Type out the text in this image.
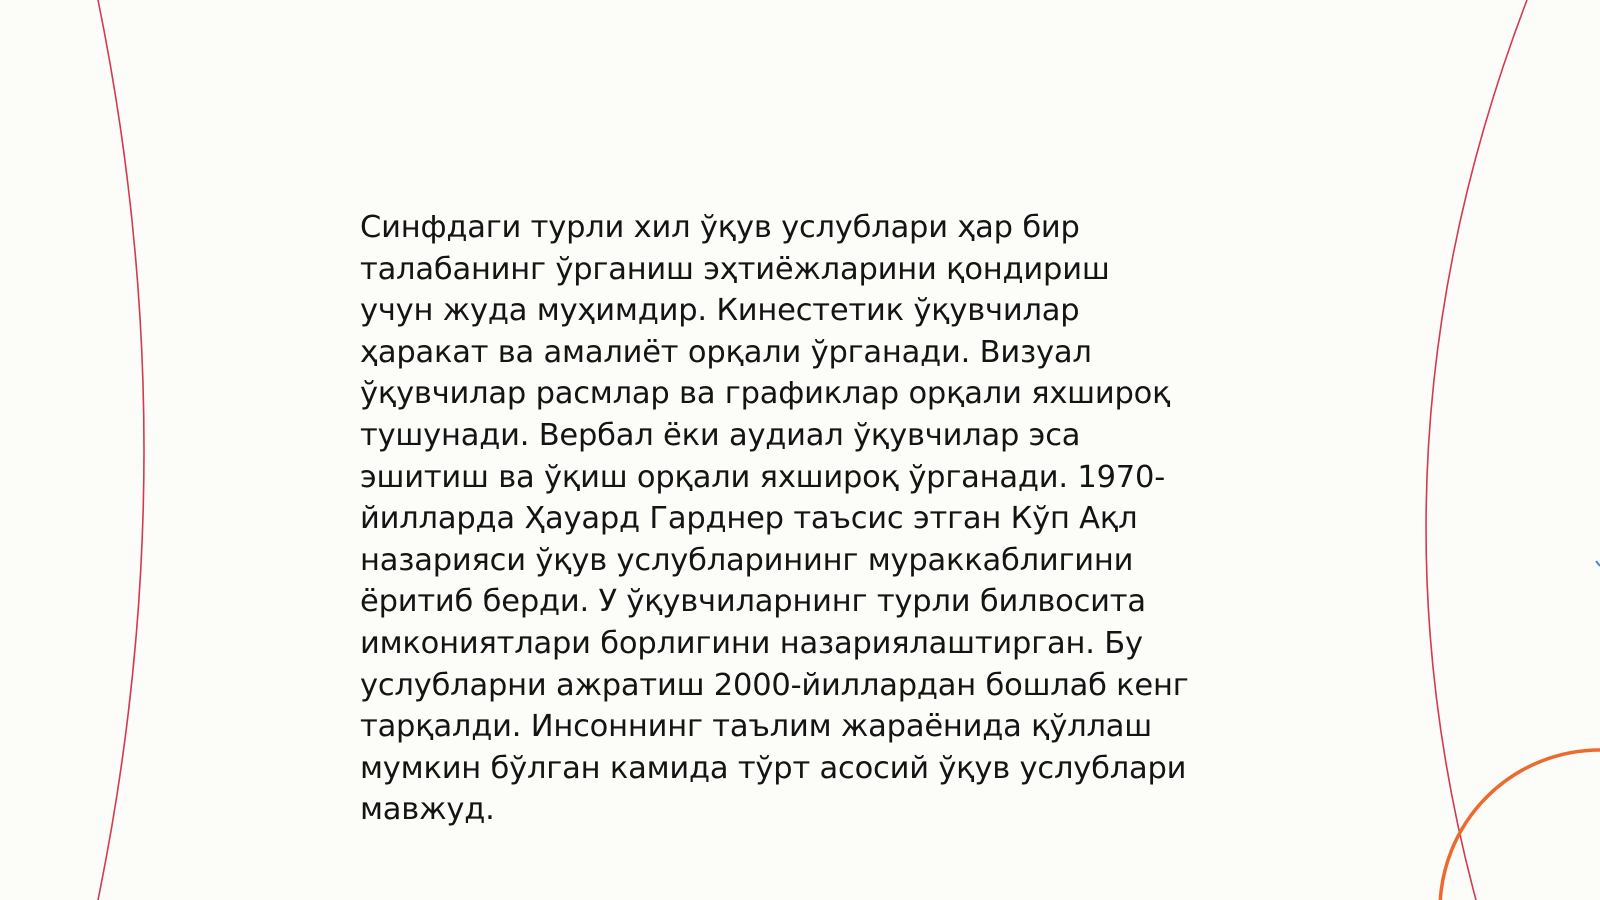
Синфдаги турли хил ўқув услублари ҳар бир
талабанинг ўрганиш эҳтиёжларини қондириш
учун жуда муҳимдир. Кинестетик ўқувчилар
ҳаракат ва амалиёт орқали ўрганади. Визуал
ўқувчилар расмлар ва графиклар орқали яхшироқ
тушунади. Вербал ёки аудиал ўқувчилар эса
эшитиш ва ўқиш орқали яхшироқ ўрганади. 1970-
йилларда Ҳауард Гарднер таъсис этган Кўп Ақл
назарияси ўқув услубларининг мураккаблигини
ёритиб берди. У ўқувчиларнинг турли билвосита
имкониятлари борлигини назариялаштирган. Бу
услубларни ажратиш 2000-йиллардан бошлаб кенг
тарқалди. Инсоннинг таълим жараёнида қўллаш
мумкин бўлган камида тўрт асосий ўқув услублари
мавжуд.
